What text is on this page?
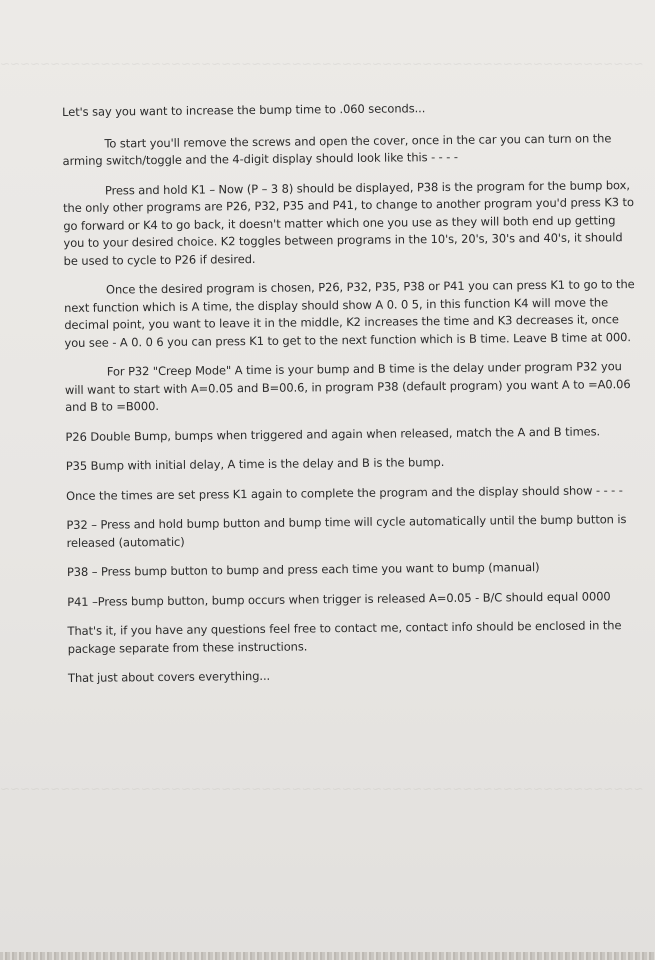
~~~~~~~~~~~~~~~~~~~~~~~~~~~~~~~~~~~~~~~~~~~~~~~~~~~~~~~~~~~~~~~~
~~~~~~~~~~~~~~~~~~~~~~~~~~~~~~~~~~~~~~~~~~~~~~~~~~~~~~~~~~~~~~~~

Let's say you want to increase the bump time to .060 seconds...

To start you'll remove the screws and open the cover, once in the car you can turn on the arming switch/toggle and the 4-digit display should look like this - - - -

Press and hold K1 – Now (P – 3 8) should be displayed, P38 is the program for the bump box, the only other programs are P26, P32, P35 and P41, to change to another program you'd press K3 to go forward or K4 to go back, it doesn't matter which one you use as they will both end up getting you to your desired choice. K2 toggles between programs in the 10's, 20's, 30's and 40's, it should be used to cycle to P26 if desired.

Once the desired program is chosen, P26, P32, P35, P38 or P41 you can press K1 to go to the next function which is A time, the display should show A 0. 0 5, in this function K4 will move the decimal point, you want to leave it in the middle, K2 increases the time and K3 decreases it, once you see - A 0. 0 6 you can press K1 to get to the next function which is B time. Leave B time at 000.

For P32 "Creep Mode" A time is your bump and B time is the delay under program P32 you will want to start with A=0.05 and B=00.6, in program P38 (default program) you want A to =A0.06 and B to =B000.

P26 Double Bump, bumps when triggered and again when released, match the A and B times.

P35 Bump with initial delay, A time is the delay and B is the bump.

Once the times are set press K1 again to complete the program and the display should show - - - -

P32 – Press and hold bump button and bump time will cycle automatically until the bump button is released (automatic)

P38 – Press bump button to bump and press each time you want to bump (manual)

P41 –Press bump button, bump occurs when trigger is released A=0.05 - B/C should equal 0000

That's it, if you have any questions feel free to contact me, contact info should be enclosed in the package separate from these instructions.

That just about covers everything...
